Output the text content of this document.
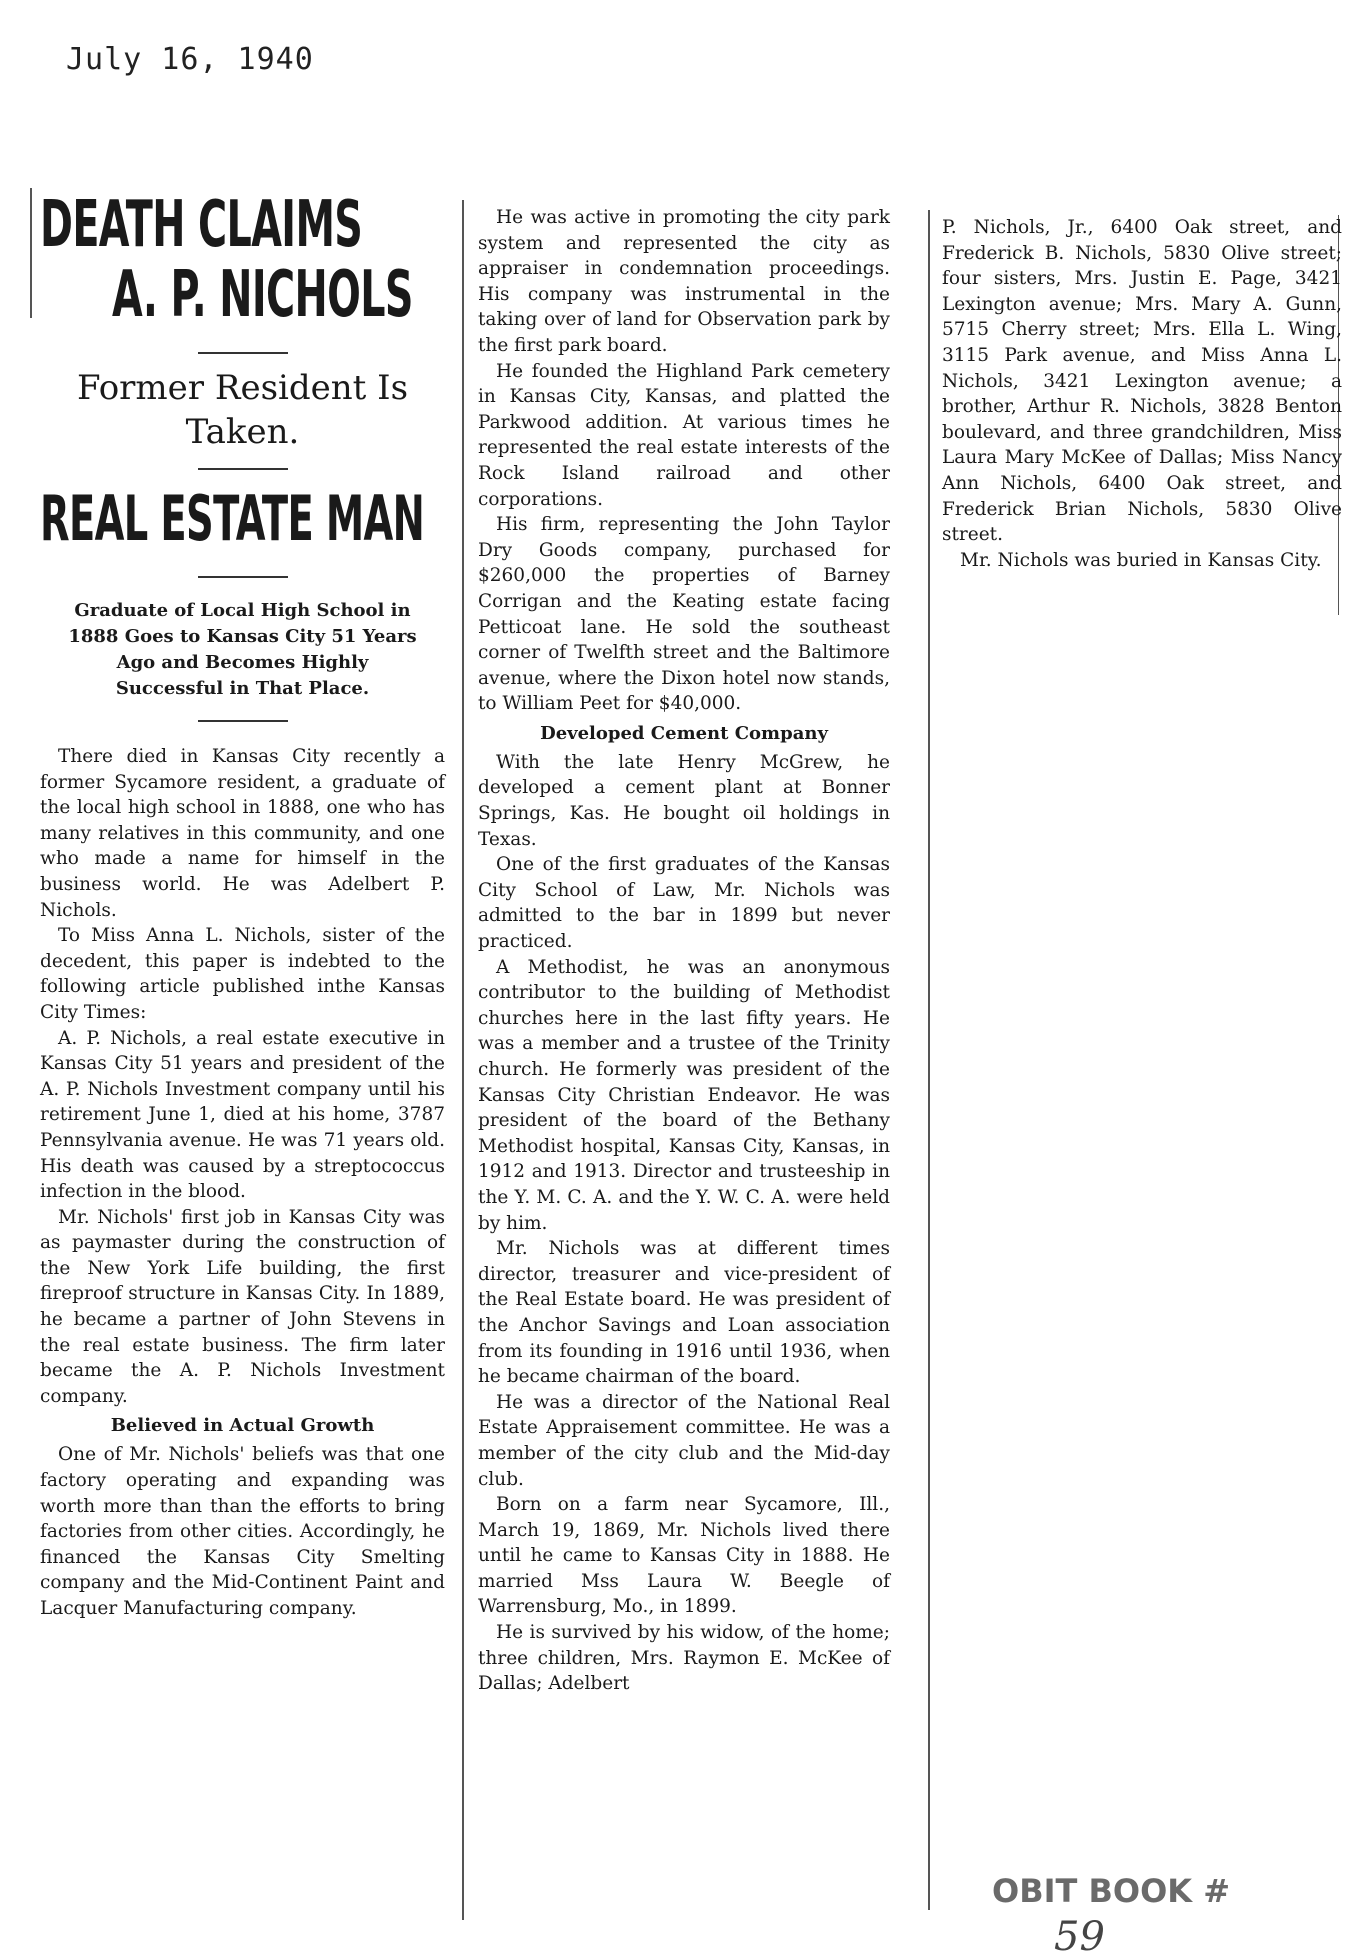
July 16, 1940
DEATH CLAIMS
A. P. NICHOLS

Former Resident Is Taken.

REAL ESTATE MAN

Graduate of Local High School in 1888 Goes to Kansas City 51 Years Ago and Becomes Highly Successful in That Place.

There died in Kansas City recently a former Sycamore resident, a graduate of the local high school in 1888, one who has many relatives in this community, and one who made a name for himself in the business world. He was Adelbert P. Nichols.

To Miss Anna L. Nichols, sister of the decedent, this paper is indebted to the following article published inthe Kansas City Times:

A. P. Nichols, a real estate executive in Kansas City 51 years and president of the A. P. Nichols Investment company until his retirement June 1, died at his home, 3787 Pennsylvania avenue. He was 71 years old. His death was caused by a streptococcus infection in the blood.

Mr. Nichols' first job in Kansas City was as paymaster during the construction of the New York Life building, the first fireproof structure in Kansas City. In 1889, he became a partner of John Stevens in the real estate business. The firm later became the A. P. Nichols Investment company.

Believed in Actual Growth

One of Mr. Nichols' beliefs was that one factory operating and expanding was worth more than than the efforts to bring factories from other cities. Accordingly, he financed the Kansas City Smelting company and the Mid-Continent Paint and Lacquer Manufacturing company.

He was active in promoting the city park system and represented the city as appraiser in condemnation proceedings. His company was instrumental in the taking over of land for Observation park by the first park board.

He founded the Highland Park cemetery in Kansas City, Kansas, and platted the Parkwood addition. At various times he represented the real estate interests of the Rock Island railroad and other corporations.

His firm, representing the John Taylor Dry Goods company, purchased for $260,000 the properties of Barney Corrigan and the Keating estate facing Petticoat lane. He sold the southeast corner of Twelfth street and the Baltimore avenue, where the Dixon hotel now stands, to William Peet for $40,000.

Developed Cement Company

With the late Henry McGrew, he developed a cement plant at Bonner Springs, Kas. He bought oil holdings in Texas.

One of the first graduates of the Kansas City School of Law, Mr. Nichols was admitted to the bar in 1899 but never practiced.

A Methodist, he was an anonymous contributor to the building of Methodist churches here in the last fifty years. He was a member and a trustee of the Trinity church. He formerly was president of the Kansas City Christian Endeavor. He was president of the board of the Bethany Methodist hospital, Kansas City, Kansas, in 1912 and 1913. Director and trusteeship in the Y. M. C. A. and the Y. W. C. A. were held by him.

Mr. Nichols was at different times director, treasurer and vice-president of the Real Estate board. He was president of the Anchor Savings and Loan association from its founding in 1916 until 1936, when he became chairman of the board.

He was a director of the National Real Estate Appraisement committee. He was a member of the city club and the Mid-day club.

Born on a farm near Sycamore, Ill., March 19, 1869, Mr. Nichols lived there until he came to Kansas City in 1888. He married Mss Laura W. Beegle of Warrensburg, Mo., in 1899.

He is survived by his widow, of the home; three children, Mrs. Raymon E. McKee of Dallas; Adelbert

P. Nichols, Jr., 6400 Oak street, and Frederick B. Nichols, 5830 Olive street; four sisters, Mrs. Justin E. Page, 3421 Lexington avenue; Mrs. Mary A. Gunn, 5715 Cherry street; Mrs. Ella L. Wing, 3115 Park avenue, and Miss Anna L. Nichols, 3421 Lexington avenue; a brother, Arthur R. Nichols, 3828 Benton boulevard, and three grandchildren, Miss Laura Mary McKee of Dallas; Miss Nancy Ann Nichols, 6400 Oak street, and Frederick Brian Nichols, 5830 Olive street.

Mr. Nichols was buried in Kansas City.

OBIT BOOK #
59
